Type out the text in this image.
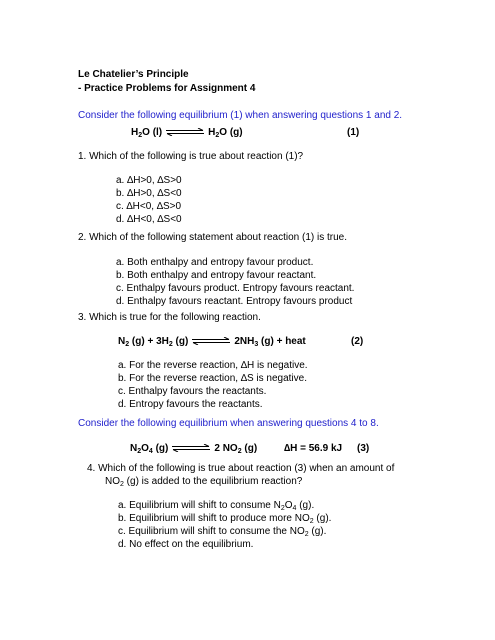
Le Chatelier’s Principle
- Practice Problems for Assignment 4
Consider the following equilibrium (1) when answering questions 1 and 2.
$H_2O$ (l) ⇌ $H_2O$ (g)	(1)
1. Which of the following is true about reaction (1)?
a. ∆H>0, ∆S>0
b. ∆H>0, ∆S<0
c. ∆H<0, ∆S>0
d. ∆H<0, ∆S<0
2. Which of the following statement about reaction (1) is true.
a. Both enthalpy and entropy favour product.
b. Both enthalpy and entropy favour reactant.
c. Enthalpy favours product. Entropy favours reactant.
d. Enthalpy favours reactant. Entropy favours product
3. Which is true for the following reaction.
$N_2$ $(g) + 3H_2$ (g) ⇌ $2NH_3$ (g) + heat	(2)
a. For the reverse reaction, ∆H is negative.
b. For the reverse reaction, ∆S is negative.
c. Enthalpy favours the reactants.
d. Entropy favours the reactants.
Consider the following equilibrium when answering questions 4 to 8.
$N_2O_4$ (g) ⇌ 2 $NO_2$ (g)	∆H = 56.9 kJ (3)
4. Which of the following is true about reaction (3) when an amount of
$NO_2$ (g) is added to the equilibrium reaction?
a. Equilibrium will shift to consume $N_2O_4$ (g).
b. Equilibrium will shift to produce more $NO_2$ (g).
c. Equilibrium will shift to consume the $NO_2$ (g).
d. No effect on the equilibrium.
